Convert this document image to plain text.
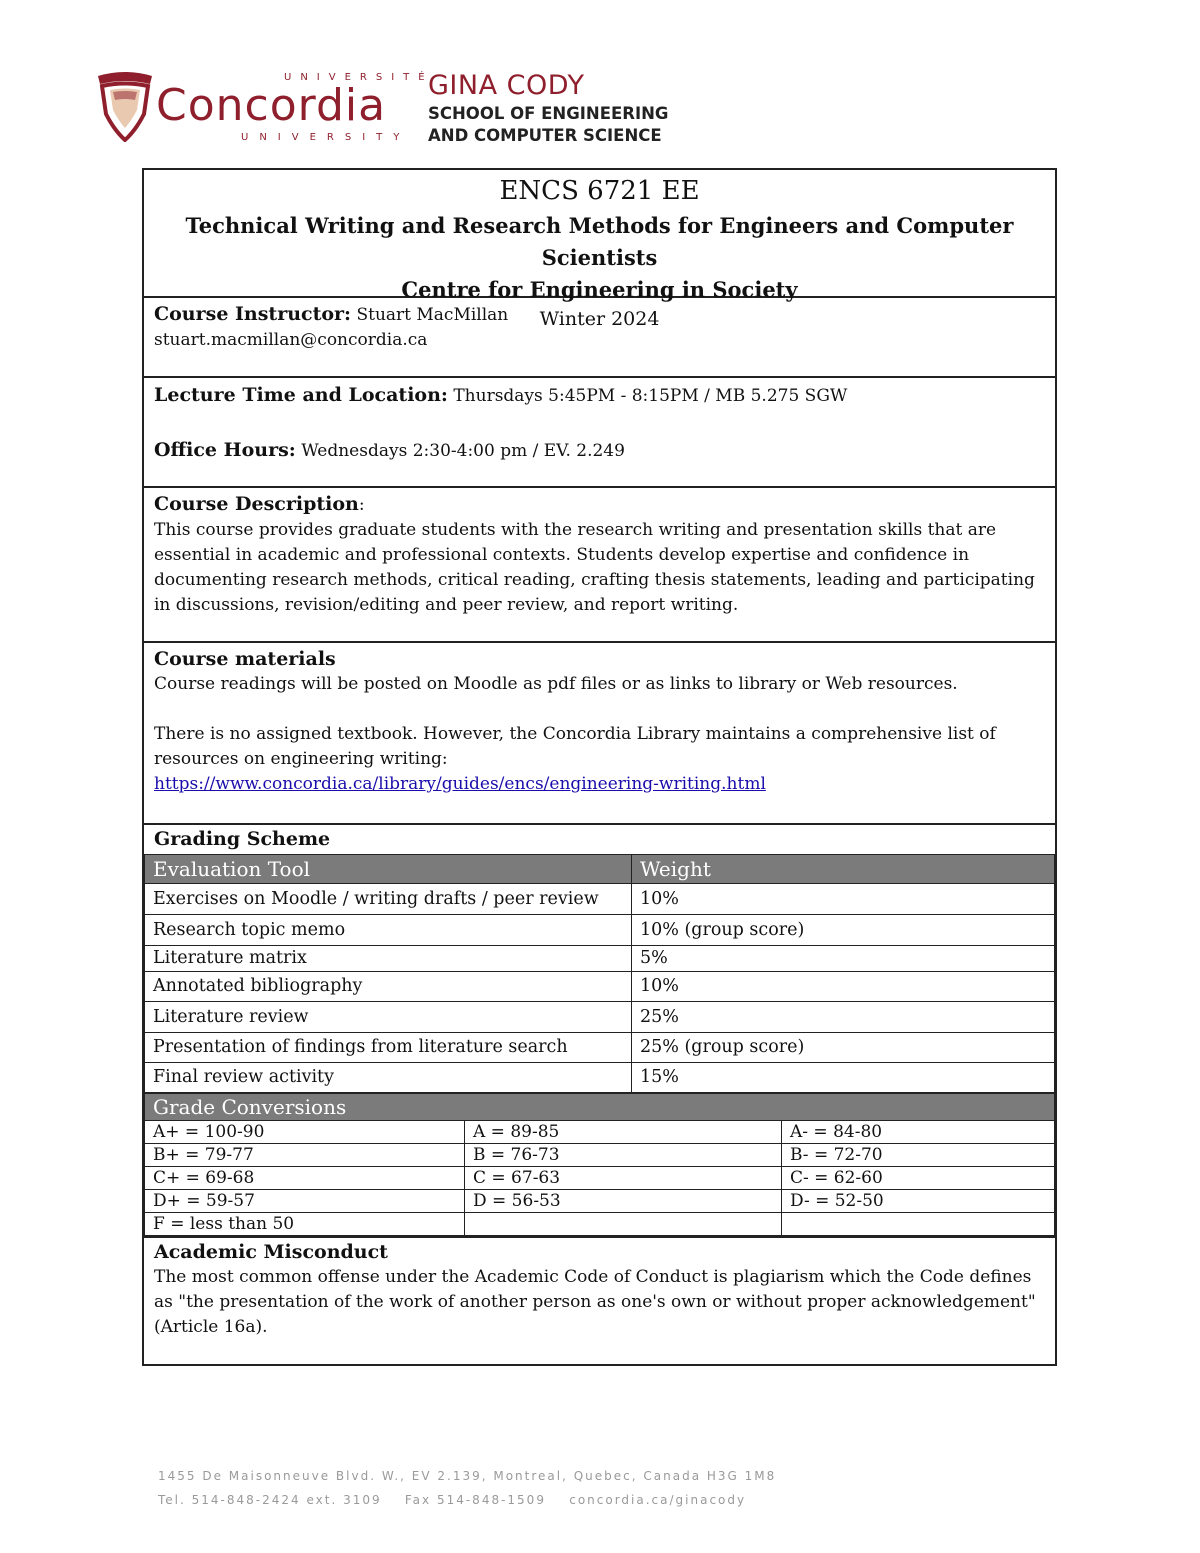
UNIVERSITÉ
Concordia
UNIVERSITY
GINA CODY
SCHOOL OF ENGINEERING
AND COMPUTER SCIENCE
ENCS 6721 EE
Technical Writing and Research Methods for Engineers and Computer Scientists
Centre for Engineering in Society
Winter 2024
Course Instructor: Stuart MacMillan
stuart.macmillan@concordia.ca
Lecture Time and Location: Thursdays 5:45PM - 8:15PM / MB 5.275 SGW
Office Hours: Wednesdays 2:30-4:00 pm / EV. 2.249
Course Description:
This course provides graduate students with the research writing and presentation skills that are essential in academic and professional contexts. Students develop expertise and confidence in documenting research methods, critical reading, crafting thesis statements, leading and participating in discussions, revision/editing and peer review, and report writing.
Course materials
Course readings will be posted on Moodle as pdf files or as links to library or Web resources.
There is no assigned textbook. However, the Concordia Library maintains a comprehensive list of resources on engineering writing:
https://www.concordia.ca/library/guides/encs/engineering-writing.html
Grading Scheme
Evaluation Tool	Weight
Exercises on Moodle / writing drafts / peer review	10%
Research topic memo	10% (group score)
Literature matrix	5%
Annotated bibliography	10%
Literature review	25%
Presentation of findings from literature search	25% (group score)
Final review activity	15%
Grade Conversions		
A+ = 100-90	A = 89-85	A- = 84-80
B+ = 79-77	B = 76-73	B- = 72-70
C+ = 69-68	C = 67-63	C- = 62-60
D+ = 59-57	D = 56-53	D- = 52-50
F = less than 50		
Academic Misconduct
The most common offense under the Academic Code of Conduct is plagiarism which the Code defines as "the presentation of the work of another person as one's own or without proper acknowledgement" (Article 16a).
1455 De Maisonneuve Blvd. W., EV 2.139, Montreal, Quebec, Canada H3G 1M8
Tel. 514-848-2424 ext. 3109 Fax 514-848-1509 concordia.ca/ginacody
